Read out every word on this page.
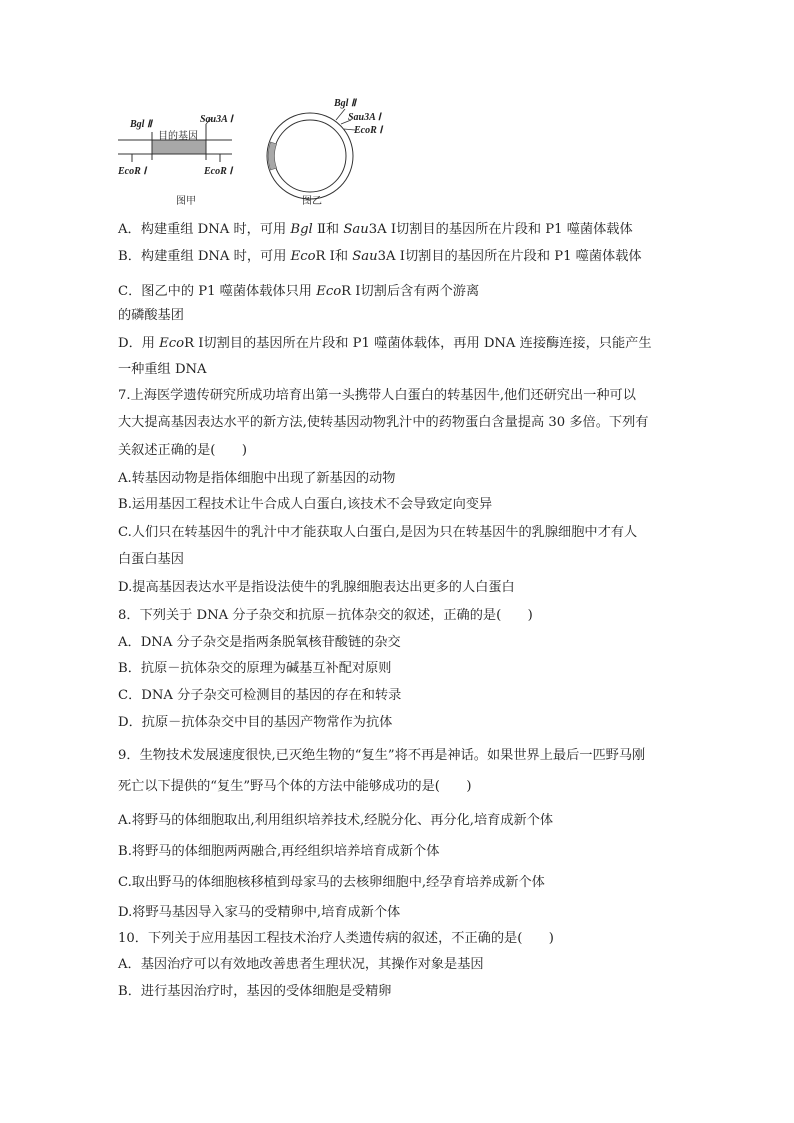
Bgl Ⅱ
目的基因
Sau3A Ⅰ
EcoR Ⅰ	EcoR Ⅰ
图甲
Bgl Ⅱ
Sau3A Ⅰ
EcoR Ⅰ
图乙
A．构建重组 DNA 时，可用 Bgl Ⅱ和 Sau3A Ⅰ切割目的基因所在片段和 P1 噬菌体载体
B．构建重组 DNA 时，可用 EcoR Ⅰ和 Sau3A Ⅰ切割目的基因所在片段和 P1 噬菌体载体
C．图乙中的 P1 噬菌体载体只用 EcoR Ⅰ切割后含有两个游离
的磷酸基团
D．用 EcoR Ⅰ切割目的基因所在片段和 P1 噬菌体载体，再用 DNA 连接酶连接，只能产生
一种重组 DNA
7.上海医学遗传研究所成功培育出第一头携带人白蛋白的转基因牛,他们还研究出一种可以
大大提高基因表达水平的新方法,使转基因动物乳汁中的药物蛋白含量提高 30 多倍。下列有
关叙述正确的是(　　)
A.转基因动物是指体细胞中出现了新基因的动物
B.运用基因工程技术让牛合成人白蛋白,该技术不会导致定向变异
C.人们只在转基因牛的乳汁中才能获取人白蛋白,是因为只在转基因牛的乳腺细胞中才有人
白蛋白基因
D.提高基因表达水平是指设法使牛的乳腺细胞表达出更多的人白蛋白
8．下列关于 DNA 分子杂交和抗原－抗体杂交的叙述，正确的是(　　)
A．DNA 分子杂交是指两条脱氧核苷酸链的杂交
B．抗原－抗体杂交的原理为碱基互补配对原则
C．DNA 分子杂交可检测目的基因的存在和转录
D．抗原－抗体杂交中目的基因产物常作为抗体
9．生物技术发展速度很快,已灭绝生物的“复生”将不再是神话。如果世界上最后一匹野马刚
死亡以下提供的“复生”野马个体的方法中能够成功的是(　　)
A.将野马的体细胞取出,利用组织培养技术,经脱分化、再分化,培育成新个体
B.将野马的体细胞两两融合,再经组织培养培育成新个体
C.取出野马的体细胞核移植到母家马的去核卵细胞中,经孕育培养成新个体
D.将野马基因导入家马的受精卵中,培育成新个体
10．下列关于应用基因工程技术治疗人类遗传病的叙述，不正确的是(　　)
A．基因治疗可以有效地改善患者生理状况，其操作对象是基因
B．进行基因治疗时，基因的受体细胞是受精卵
